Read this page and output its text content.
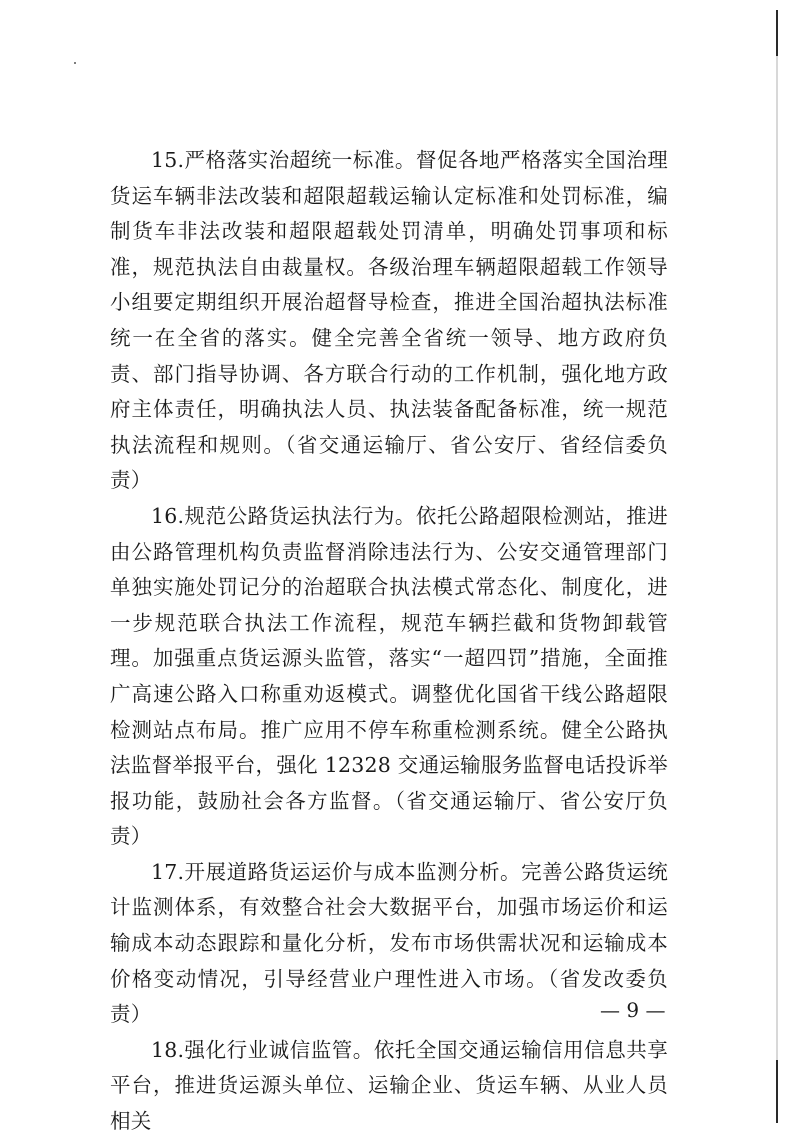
15.严格落实治超统一标准。督促各地严格落实全国治理货运车辆非法改装和超限超载运输认定标准和处罚标准，编制货车非法改装和超限超载处罚清单，明确处罚事项和标准，规范执法自由裁量权。各级治理车辆超限超载工作领导小组要定期组织开展治超督导检查，推进全国治超执法标准统一在全省的落实。健全完善全省统一领导、地方政府负责、部门指导协调、各方联合行动的工作机制，强化地方政府主体责任，明确执法人员、执法装备配备标准，统一规范执法流程和规则。（省交通运输厅、省公安厅、省经信委负责）

16.规范公路货运执法行为。依托公路超限检测站，推进由公路管理机构负责监督消除违法行为、公安交通管理部门单独实施处罚记分的治超联合执法模式常态化、制度化，进一步规范联合执法工作流程，规范车辆拦截和货物卸载管理。加强重点货运源头监管，落实“一超四罚”措施，全面推广高速公路入口称重劝返模式。调整优化国省干线公路超限检测站点布局。推广应用不停车称重检测系统。健全公路执法监督举报平台，强化 12328 交通运输服务监督电话投诉举报功能，鼓励社会各方监督。（省交通运输厅、省公安厅负责）

17.开展道路货运运价与成本监测分析。完善公路货运统计监测体系，有效整合社会大数据平台，加强市场运价和运输成本动态跟踪和量化分析，发布市场供需状况和运输成本价格变动情况，引导经营业户理性进入市场。（省发改委负责）

18.强化行业诚信监管。依托全国交通运输信用信息共享平台，推进货运源头单位、运输企业、货运车辆、从业人员相关

— 9 —
